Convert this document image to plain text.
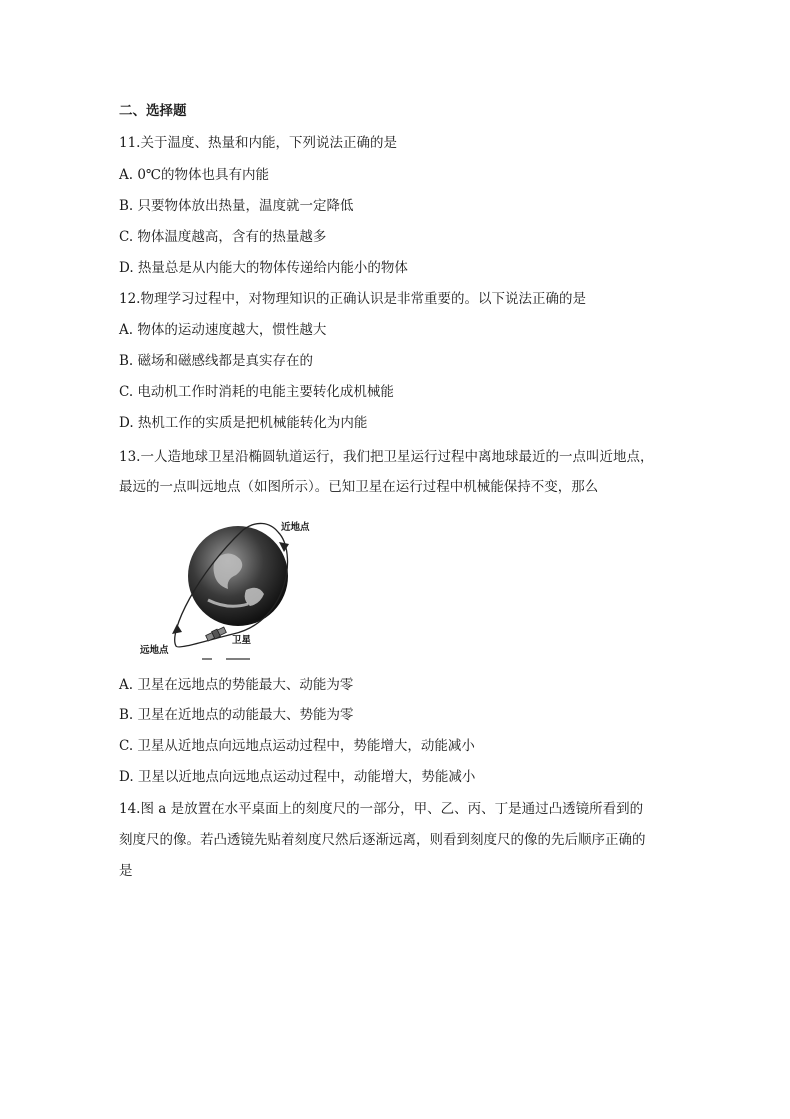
二、选择题
11.关于温度、热量和内能，下列说法正确的是
A. 0℃的物体也具有内能
B. 只要物体放出热量，温度就一定降低
C. 物体温度越高，含有的热量越多
D. 热量总是从内能大的物体传递给内能小的物体
12.物理学习过程中，对物理知识的正确认识是非常重要的。以下说法正确的是
A. 物体的运动速度越大，惯性越大
B. 磁场和磁感线都是真实存在的
C. 电动机工作时消耗的电能主要转化成机械能
D. 热机工作的实质是把机械能转化为内能
13.一人造地球卫星沿椭圆轨道运行，我们把卫星运行过程中离地球最近的一点叫近地点，
最远的一点叫远地点（如图所示）。已知卫星在运行过程中机械能保持不变，那么
近地点
远地点
卫星
A. 卫星在远地点的势能最大、动能为零
B. 卫星在近地点的动能最大、势能为零
C. 卫星从近地点向远地点运动过程中，势能增大，动能减小
D. 卫星以近地点向远地点运动过程中，动能增大，势能减小
14.图 a 是放置在水平桌面上的刻度尺的一部分，甲、乙、丙、丁是通过凸透镜所看到的
刻度尺的像。若凸透镜先贴着刻度尺然后逐渐远离，则看到刻度尺的像的先后顺序正确的
是
